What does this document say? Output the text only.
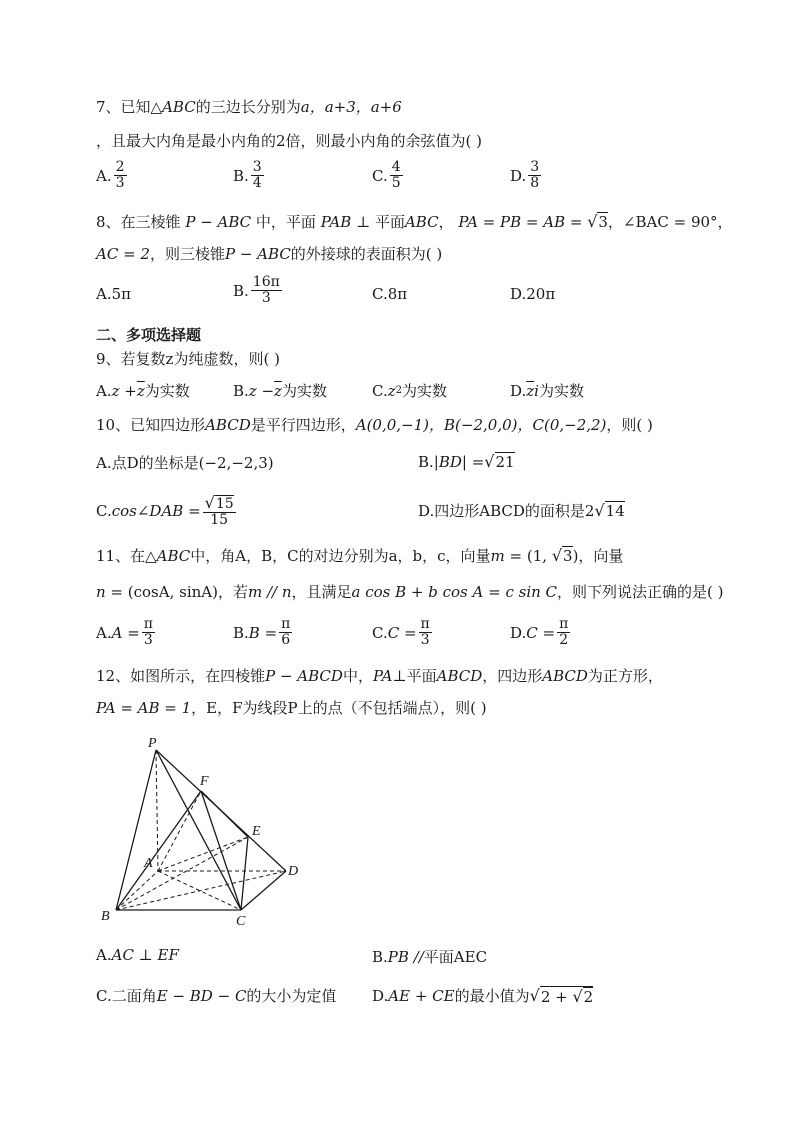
7、已知△ABC的三边长分别为a，a+3，a+6
，且最大内角是最小内角的2倍，则最小内角的余弦值为( )
A. $\frac{2}{3}$	B. $\frac{3}{4}$	C. $\frac{4}{5}$	D. $\frac{3}{8}$
8、在三棱锥 P − ABC 中，平面 PAB ⊥ 平面ABC， PA = PB = AB = √3，∠BAC = 90°，
AC = 2，则三棱锥P − ABC的外接球的表面积为( )
A. 5π	B. $\frac{16\pi}{3}$	C. 8π	D. 20π
二、多项选择题
9、若复数z为纯虚数，则( )
A. $z + \overline{z}$ 为实数	B. $z - \overline{z}$ 为实数	C. z 2 为实数	D. $\overline{z}$ i 为实数
10、已知四边形ABCD是平行四边形，A(0,0,−1)，B(−2,0,0)，C(0,−2,2)，则( )
A. 点D的坐标是(−2,−2,3)	B. |BD| = √ 21
C. cos∠DAB = $\frac{√15}{15}$	D. 四边形ABCD的面积是2 √ 14
11、在△ABC中，角A，B，C的对边分别为a，b，c，向量m = (1, √3)，向量
n = (cosA, sinA)，若m // n，且满足a cos B + b cos A = c sin C，则下列说法正确的是( )
A. $A = \frac{\pi}{3}$	B. $B = \frac{\pi}{6}$	C. $C = \frac{\pi}{3}$	D. $C = \frac{\pi}{2}$
12、如图所示，在四棱锥P − ABCD中，PA⊥平面ABCD，四边形ABCD为正方形，
PA = AB = 1，E，F为线段P上的点（不包括端点），则( )
P
F
E
A
D
B	C
A. AC ⊥ EF	B. PB // 平面AEC
C. 二面角 E − BD − C 的大小为定值 D. AE + CE 的最小值为 √ 2 + √2
